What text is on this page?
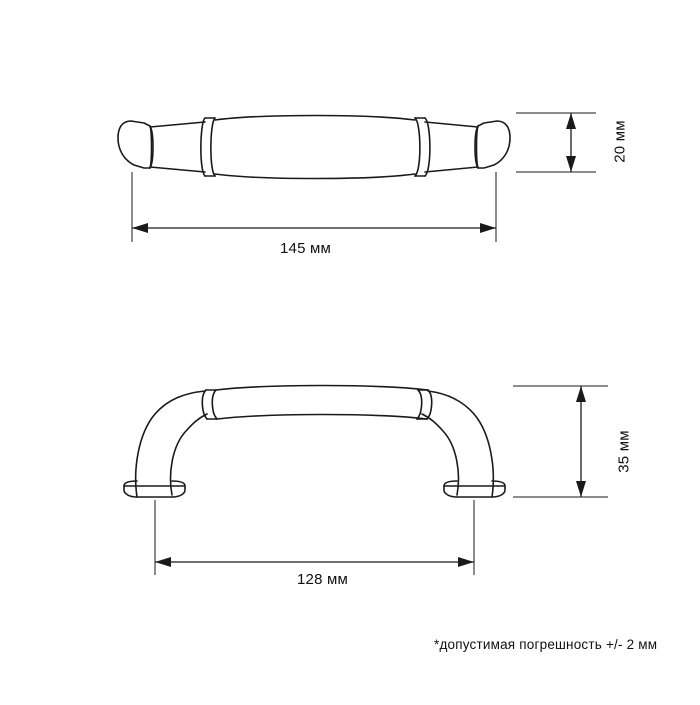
145 мм
20 мм
128 мм
35 мм
*допустимая погрешность +/- 2 мм
